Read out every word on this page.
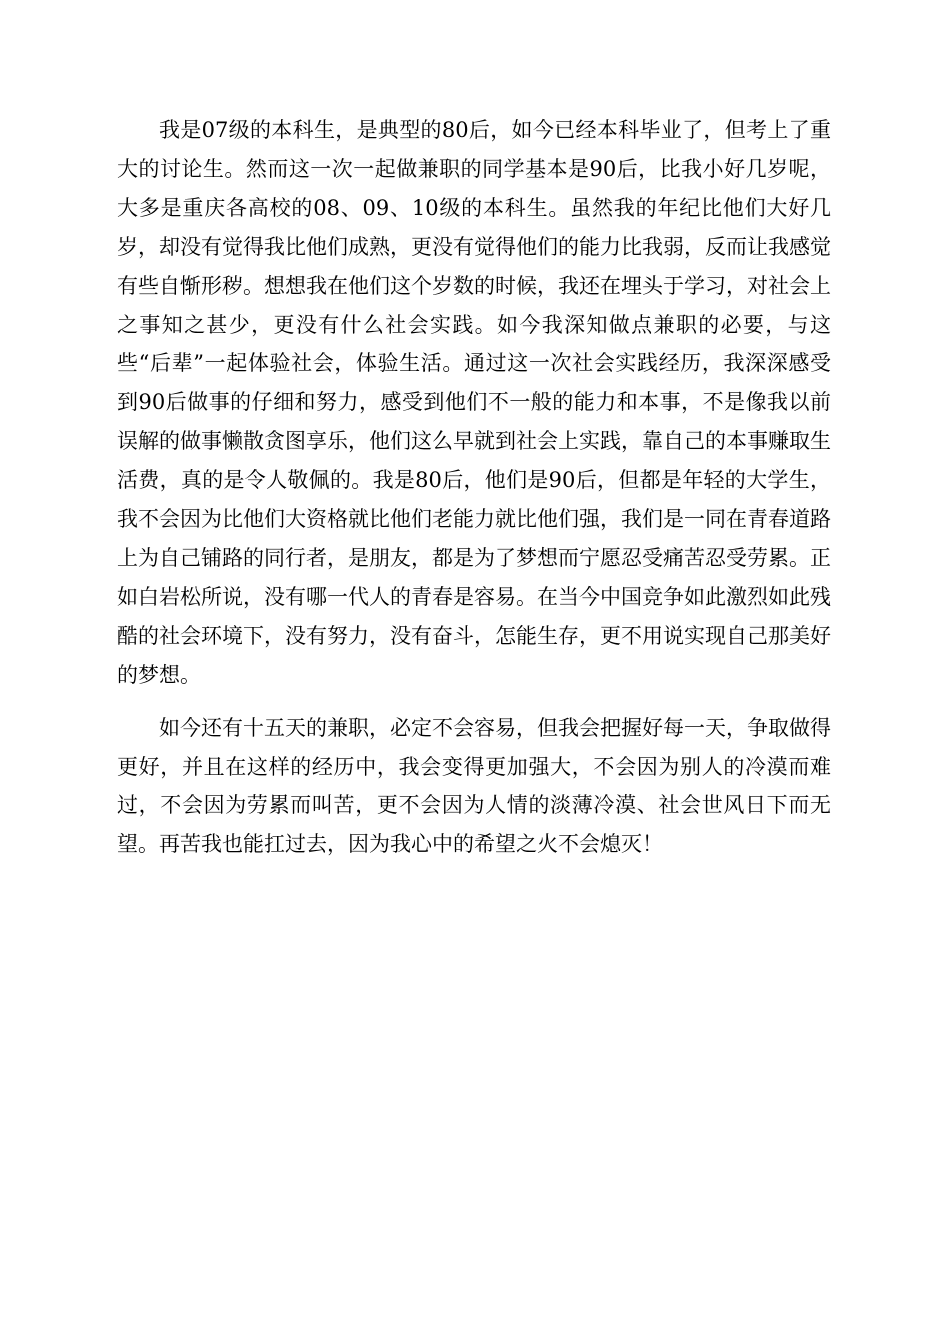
我是07级的本科生，是典型的80后，如今已经本科毕业了，但考上了重大的讨论生。然而这一次一起做兼职的同学基本是90后，比我小好几岁呢，大多是重庆各高校的08、09、10级的本科生。虽然我的年纪比他们大好几岁，却没有觉得我比他们成熟，更没有觉得他们的能力比我弱，反而让我感觉有些自惭形秽。想想我在他们这个岁数的时候，我还在埋头于学习，对社会上之事知之甚少，更没有什么社会实践。如今我深知做点兼职的必要，与这些“后辈”一起体验社会，体验生活。通过这一次社会实践经历，我深深感受到90后做事的仔细和努力，感受到他们不一般的能力和本事，不是像我以前误解的做事懒散贪图享乐，他们这么早就到社会上实践，靠自己的本事赚取生活费，真的是令人敬佩的。我是80后，他们是90后，但都是年轻的大学生，我不会因为比他们大资格就比他们老能力就比他们强，我们是一同在青春道路上为自己铺路的同行者，是朋友，都是为了梦想而宁愿忍受痛苦忍受劳累。正如白岩松所说，没有哪一代人的青春是容易。在当今中国竞争如此激烈如此残酷的社会环境下，没有努力，没有奋斗，怎能生存，更不用说实现自己那美好的梦想。

如今还有十五天的兼职，必定不会容易，但我会把握好每一天，争取做得更好，并且在这样的经历中，我会变得更加强大，不会因为别人的冷漠而难过，不会因为劳累而叫苦，更不会因为人情的淡薄冷漠、社会世风日下而无望。再苦我也能扛过去，因为我心中的希望之火不会熄灭！
